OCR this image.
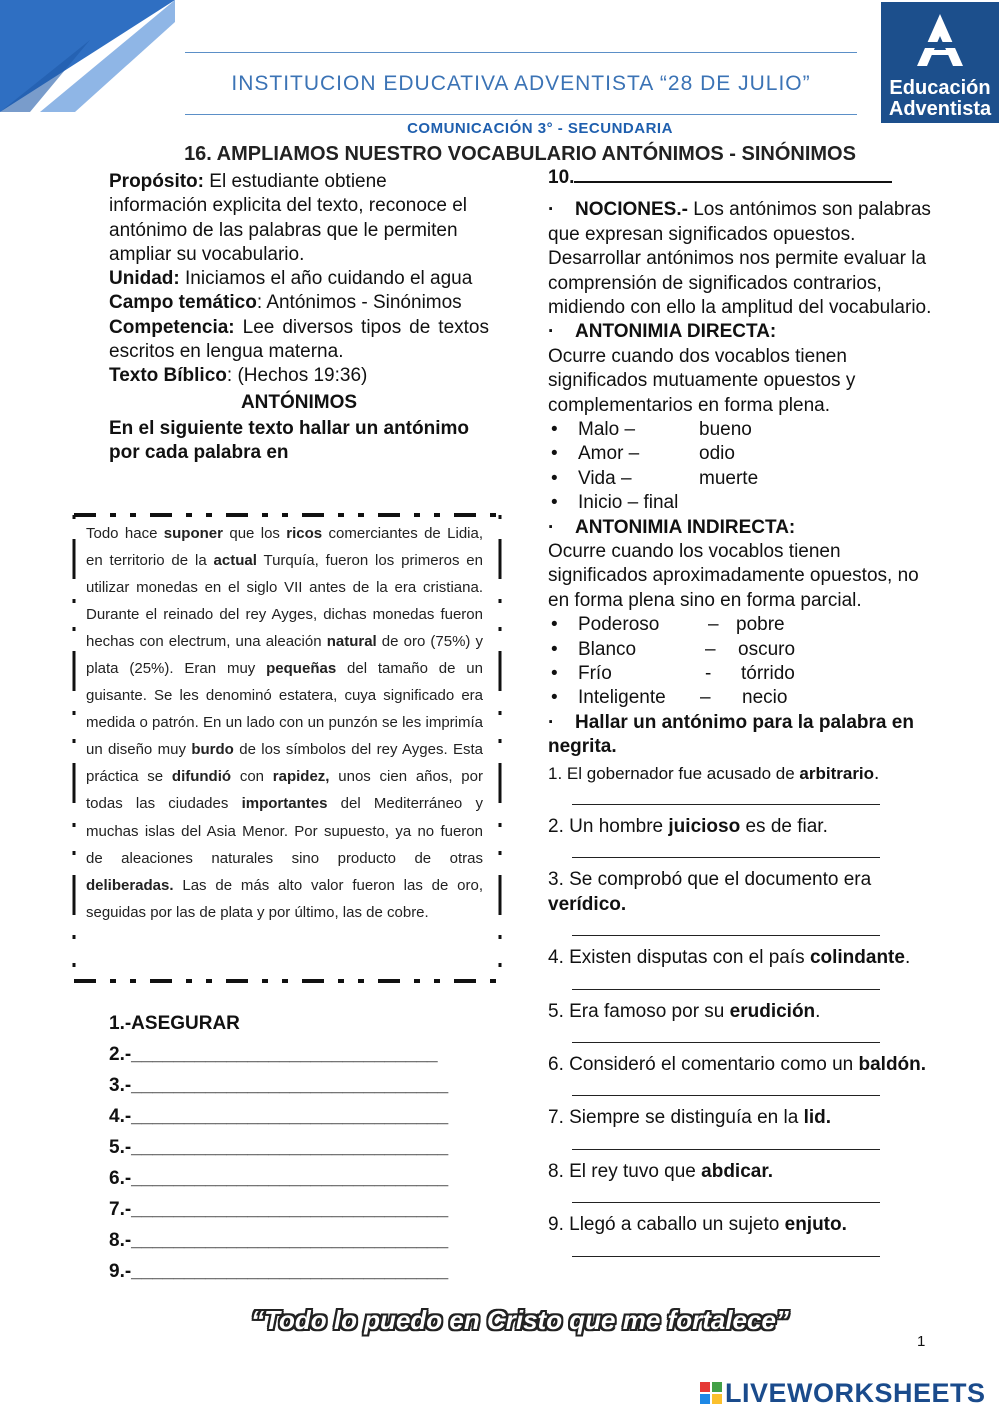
INSTITUCION EDUCATIVA ADVENTISTA “28 DE JULIO”	Educación
Adventista
COMUNICACIÓN 3° - SECUNDARIA
16. AMPLIAMOS NUESTRO VOCABULARIO ANTÓNIMOS - SINÓNIMOS

Propósito: El estudiante obtiene información explicita del texto, reconoce el antónimo de las palabras que le permiten ampliar su vocabulario.

Unidad: Iniciamos el año cuidando el agua

Campo temático: Antónimos - Sinónimos

Competencia: Lee diversos tipos de textos escritos en lengua materna.

Texto Bíblico: (Hechos 19:36)

ANTÓNIMOS

En el siguiente texto hallar un antónimo por cada palabra en

Todo hace suponer que los ricos comerciantes de Lidia, en territorio de la actual Turquía, fueron los primeros en utilizar monedas en el siglo VII antes de la era cristiana. Durante el reinado del rey Ayges, dichas monedas fueron hechas con electrum, una aleación natural de oro (75%) y plata (25%). Eran muy pequeñas del tamaño de un guisante. Se les denominó estatera, cuya significado era medida o patrón. En un lado con un punzón se les imprimía un diseño muy burdo de los símbolos del rey Ayges. Esta práctica se difundió con rapidez, unos cien años, por todas las ciudades importantes del Mediterráneo y muchas islas del Asia Menor. Por supuesto, ya no fueron de aleaciones naturales sino producto de otras deliberadas. Las de más alto valor fueron las de oro, seguidas por las de plata y por último, las de cobre.
1.-ASEGURAR
2.-_____________________________
3.-______________________________
4.-______________________________
5.-______________________________
6.-______________________________
7.-______________________________
8.-______________________________
9.-______________________________

10.

· NOCIONES.- Los antónimos son palabras que expresan significados opuestos. Desarrollar antónimos nos permite evaluar la comprensión de significados contrarios, midiendo con ello la amplitud del vocabulario.

· ANTONIMIA DIRECTA:

Ocurre cuando dos vocablos tienen significados mutuamente opuestos y complementarios en forma plena.

• Malo –	bueno
• Amor –	odio
• Vida –	muerte
• Inicio – final

· ANTONIMIA INDIRECTA:

Ocurre cuando los vocablos tienen significados aproximadamente opuestos, no en forma plena sino en forma parcial.

• Poderoso	– pobre
• Blanco	– oscuro
• Frío	- tórrido
• Inteligente – necio

· Hallar un antónimo para la palabra en negrita.

1. El gobernador fue acusado de arbitrario.

2. Un hombre juicioso es de fiar.

3. Se comprobó que el documento era verídico.

4. Existen disputas con el país colindante.

5. Era famoso por su erudición.

6. Consideró el comentario como un baldón.

7. Siempre se distinguía en la lid.

8. El rey tuvo que abdicar.

9. Llegó a caballo un sujeto enjuto.

“Todo lo puedo en Cristo que me fortalece”
1
LIVEWORKSHEETS
